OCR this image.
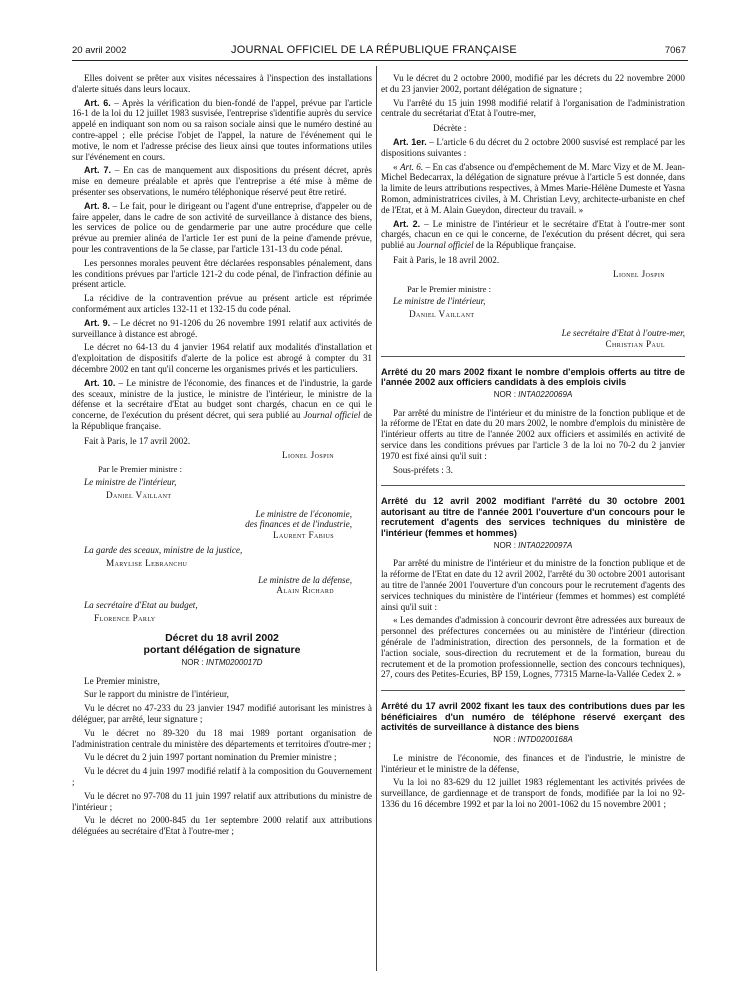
20 avril 2002	JOURNAL OFFICIEL DE LA RÉPUBLIQUE FRANÇAISE	7067

Elles doivent se prêter aux visites nécessaires à l'inspection des installations d'alerte situés dans leurs locaux.

Art. 6. – Après la vérification du bien-fondé de l'appel, prévue par l'article 16-1 de la loi du 12 juillet 1983 susvisée, l'entreprise s'identifie auprès du service appelé en indiquant son nom ou sa raison sociale ainsi que le numéro destiné au contre-appel ; elle précise l'objet de l'appel, la nature de l'événement qui le motive, le nom et l'adresse précise des lieux ainsi que toutes informations utiles sur l'événement en cours.

Art. 7. – En cas de manquement aux dispositions du présent décret, après mise en demeure préalable et après que l'entreprise a été mise à même de présenter ses observations, le numéro téléphonique réservé peut être retiré.

Art. 8. – Le fait, pour le dirigeant ou l'agent d'une entreprise, d'appeler ou de faire appeler, dans le cadre de son activité de surveillance à distance des biens, les services de police ou de gendarmerie par une autre procédure que celle prévue au premier alinéa de l'article 1er est puni de la peine d'amende prévue, pour les contraventions de la 5e classe, par l'article 131-13 du code pénal.

Les personnes morales peuvent être déclarées responsables pénalement, dans les conditions prévues par l'article 121-2 du code pénal, de l'infraction définie au présent article.

La récidive de la contravention prévue au présent article est réprimée conformément aux articles 132-11 et 132-15 du code pénal.

Art. 9. – Le décret no 91-1206 du 26 novembre 1991 relatif aux activités de surveillance à distance est abrogé.

Le décret no 64-13 du 4 janvier 1964 relatif aux modalités d'installation et d'exploitation de dispositifs d'alerte de la police est abrogé à compter du 31 décembre 2002 en tant qu'il concerne les organismes privés et les particuliers.

Art. 10. – Le ministre de l'économie, des finances et de l'industrie, la garde des sceaux, ministre de la justice, le ministre de l'intérieur, le ministre de la défense et la secrétaire d'Etat au budget sont chargés, chacun en ce qui le concerne, de l'exécution du présent décret, qui sera publié au Journal officiel de la République française.

Fait à Paris, le 17 avril 2002.

Lionel Jospin

Par le Premier ministre :

Le ministre de l'intérieur,

Daniel Vaillant

Le ministre de l'économie,

des finances et de l'industrie,

Laurent Fabius

La garde des sceaux, ministre de la justice,

Marylise Lebranchu

Le ministre de la défense,

Alain Richard

La secrétaire d'Etat au budget,

Florence Parly

Décret du 18 avril 2002
portant délégation de signature
NOR : INTM0200017D

Le Premier ministre,

Sur le rapport du ministre de l'intérieur,

Vu le décret no 47-233 du 23 janvier 1947 modifié autorisant les ministres à déléguer, par arrêté, leur signature ;

Vu le décret no 89-320 du 18 mai 1989 portant organisation de l'administration centrale du ministère des départements et territoires d'outre-mer ;

Vu le décret du 2 juin 1997 portant nomination du Premier ministre ;

Vu le décret du 4 juin 1997 modifié relatif à la composition du Gouvernement ;

Vu le décret no 97-708 du 11 juin 1997 relatif aux attributions du ministre de l'intérieur ;

Vu le décret no 2000-845 du 1er septembre 2000 relatif aux attributions déléguées au secrétaire d'Etat à l'outre-mer ;

Vu le décret du 2 octobre 2000, modifié par les décrets du 22 novembre 2000 et du 23 janvier 2002, portant délégation de signature ;

Vu l'arrêté du 15 juin 1998 modifié relatif à l'organisation de l'administration centrale du secrétariat d'Etat à l'outre-mer,

Décrète :

Art. 1er. – L'article 6 du décret du 2 octobre 2000 susvisé est remplacé par les dispositions suivantes :

« Art. 6. – En cas d'absence ou d'empêchement de M. Marc Vizy et de M. Jean-Michel Bedecarrax, la délégation de signature prévue à l'article 5 est donnée, dans la limite de leurs attributions respectives, à Mmes Marie-Hélène Dumeste et Yasna Romon, administratrices civiles, à M. Christian Levy, architecte-urbaniste en chef de l'Etat, et à M. Alain Gueydon, directeur du travail. »

Art. 2. – Le ministre de l'intérieur et le secrétaire d'Etat à l'outre-mer sont chargés, chacun en ce qui le concerne, de l'exécution du présent décret, qui sera publié au Journal officiel de la République française.

Fait à Paris, le 18 avril 2002.

Lionel Jospin

Par le Premier ministre :

Le ministre de l'intérieur,

Daniel Vaillant

Le secrétaire d'Etat à l'outre-mer,

Christian Paul

Arrêté du 20 mars 2002 fixant le nombre d'emplois offerts au titre de l'année 2002 aux officiers candidats à des emplois civils
NOR : INTA0220069A

Par arrêté du ministre de l'intérieur et du ministre de la fonction publique et de la réforme de l'Etat en date du 20 mars 2002, le nombre d'emplois du ministère de l'intérieur offerts au titre de l'année 2002 aux officiers et assimilés en activité de service dans les conditions prévues par l'article 3 de la loi no 70-2 du 2 janvier 1970 est fixé ainsi qu'il suit :

Sous-préfets : 3.

Arrêté du 12 avril 2002 modifiant l'arrêté du 30 octobre 2001 autorisant au titre de l'année 2001 l'ouverture d'un concours pour le recrutement d'agents des services techniques du ministère de l'intérieur (femmes et hommes)
NOR : INTA0220097A

Par arrêté du ministre de l'intérieur et du ministre de la fonction publique et de la réforme de l'Etat en date du 12 avril 2002, l'arrêté du 30 octobre 2001 autorisant au titre de l'année 2001 l'ouverture d'un concours pour le recrutement d'agents des services techniques du ministère de l'intérieur (femmes et hommes) est complété ainsi qu'il suit :

« Les demandes d'admission à concourir devront être adressées aux bureaux de personnel des préfectures concernées ou au ministère de l'intérieur (direction générale de l'administration, direction des personnels, de la formation et de l'action sociale, sous-direction du recrutement et de la formation, bureau du recrutement et de la promotion professionnelle, section des concours techniques), 27, cours des Petites-Ecuries, BP 159, Lognes, 77315 Marne-la-Vallée Cedex 2. »

Arrêté du 17 avril 2002 fixant les taux des contributions dues par les bénéficiaires d'un numéro de téléphone réservé exerçant des activités de surveillance à distance des biens
NOR : INTD0200168A

Le ministre de l'économie, des finances et de l'industrie, le ministre de l'intérieur et le ministre de la défense,

Vu la loi no 83-629 du 12 juillet 1983 réglementant les activités privées de surveillance, de gardiennage et de transport de fonds, modifiée par la loi no 92-1336 du 16 décembre 1992 et par la loi no 2001-1062 du 15 novembre 2001 ;
